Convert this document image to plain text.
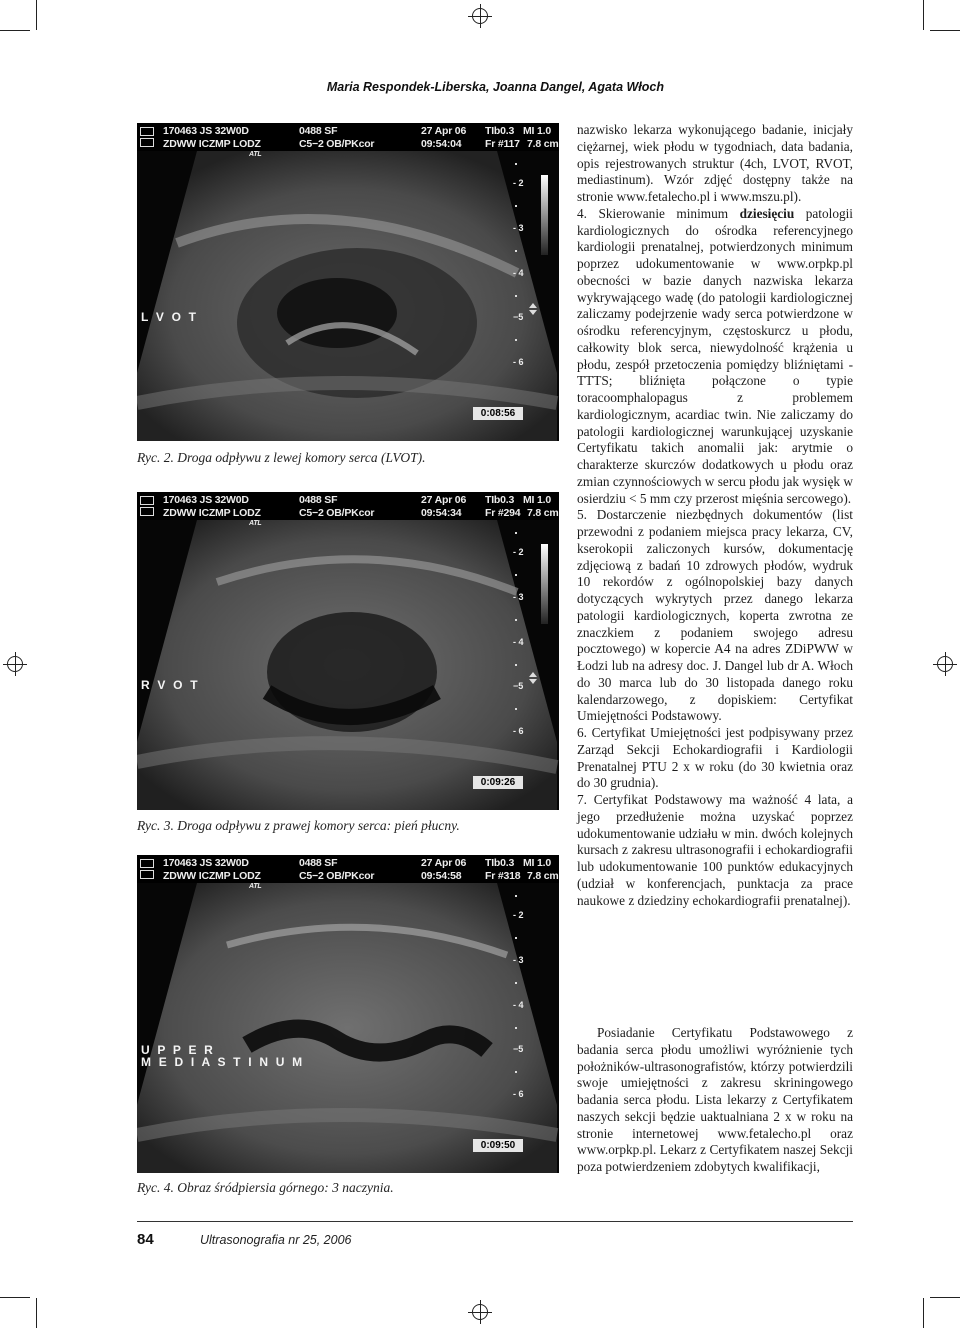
Maria Respondek-Liberska, Joanna Dangel, Agata Włoch
170463 JS 32W0D
ZDWW ICZMP LODZ
0488 SF
C5−2 OB/PKcor
27 Apr 06
09:54:04
TIb0.3 MI 1.0
Fr #117 7.8 cm
ATL
- 2
- 3
- 4
−5
- 6
L V O T
0:08:56
Ryc. 2. Droga odpływu z lewej komory serca (LVOT).
170463 JS 32W0D
ZDWW ICZMP LODZ
0488 SF
C5−2 OB/PKcor
27 Apr 06
09:54:34
TIb0.3 MI 1.0
Fr #294 7.8 cm
ATL
- 2
- 3
- 4
−5
- 6
R V O T
0:09:26
Ryc. 3. Droga odpływu z prawej komory serca: pień płucny.
170463 JS 32W0D
ZDWW ICZMP LODZ
0488 SF
C5−2 OB/PKcor
27 Apr 06
09:54:58
TIb0.3 MI 1.0
Fr #318 7.8 cm
ATL
- 2
- 3
- 4
−5
- 6
U P P E R
M E D I A S T I N U M
0:09:50
Ryc. 4. Obraz śródpiersia górnego: 3 naczynia.

nazwisko lekarza wykonującego badanie, inicjały ciężarnej, wiek płodu w tygodniach, data badania, opis rejestrowanych struktur (4ch, LVOT, RVOT, mediastinum). Wzór zdjęć dostępny także na stronie www.fetalecho.pl i www.mszu.pl).

4. Skierowanie minimum dziesięciu patologii kardiologicznych do ośrodka referencyjnego kardiologii prenatalnej, potwierdzonych minimum poprzez udokumentowanie w www.orpkp.pl obecności w bazie danych nazwiska lekarza wykrywającego wadę (do patologii kardiologicznej zaliczamy podejrzenie wady serca potwierdzone w ośrodku referencyjnym, częstoskurcz u płodu, całkowity blok serca, niewydolność krążenia u płodu, zespół przetoczenia pomiędzy bliźniętami - TTTS; bliźnięta połączone o typie toracoomphalopagus z problemem kardiologicznym, acardiac twin. Nie zaliczamy do patologii kardiologicznej warunkującej uzyskanie Certyfikatu takich anomalii jak: arytmie o charakterze skurczów dodatkowych u płodu oraz zmian czynnościowych w sercu płodu jak wysięk w osierdziu < 5 mm czy przerost mięśnia sercowego).

5. Dostarczenie niezbędnych dokumentów (list przewodni z podaniem miejsca pracy lekarza, CV, kserokopii zaliczonych kursów, dokumentację zdjęciową z badań 10 zdrowych płodów, wydruk 10 rekordów z ogólnopolskiej bazy danych dotyczących wykrytych przez danego lekarza patologii kardiologicznych, koperta zwrotna ze znaczkiem z podaniem swojego adresu pocztowego) w kopercie A4 na adres ZDiPWW w Łodzi lub na adresy doc. J. Dangel lub dr A. Włoch do 30 marca lub do 30 listopada danego roku kalendarzowego, z dopiskiem: Certyfikat Umiejętności Podstawowy.

6. Certyfikat Umiejętności jest podpisywany przez Zarząd Sekcji Echokardiografii i Kardiologii Prenatalnej PTU 2 x w roku (do 30 kwietnia oraz do 30 grudnia).

7. Certyfikat Podstawowy ma ważność 4 lata, a jego przedłużenie można uzyskać poprzez udokumentowanie udziału w min. dwóch kolejnych kursach z zakresu ultrasonografii i echokardiografii lub udokumentowanie 100 punktów edukacyjnych (udział w konferencjach, punktacja za prace naukowe z dziedziny echokardiografii prenatalnej).

Posiadanie Certyfikatu Podstawowego z badania serca płodu umożliwi wyróżnienie tych położników-ultrasonografistów, którzy potwierdzili swoje umiejętności z zakresu skriningowego badania serca płodu. Lista lekarzy z Certyfikatem naszych sekcji będzie uaktualniana 2 x w roku na stronie internetowej www.fetalecho.pl oraz www.orpkp.pl. Lekarz z Certyfikatem naszej Sekcji poza potwierdzeniem zdobytych kwalifikacji,

84	Ultrasonografia nr 25, 2006
